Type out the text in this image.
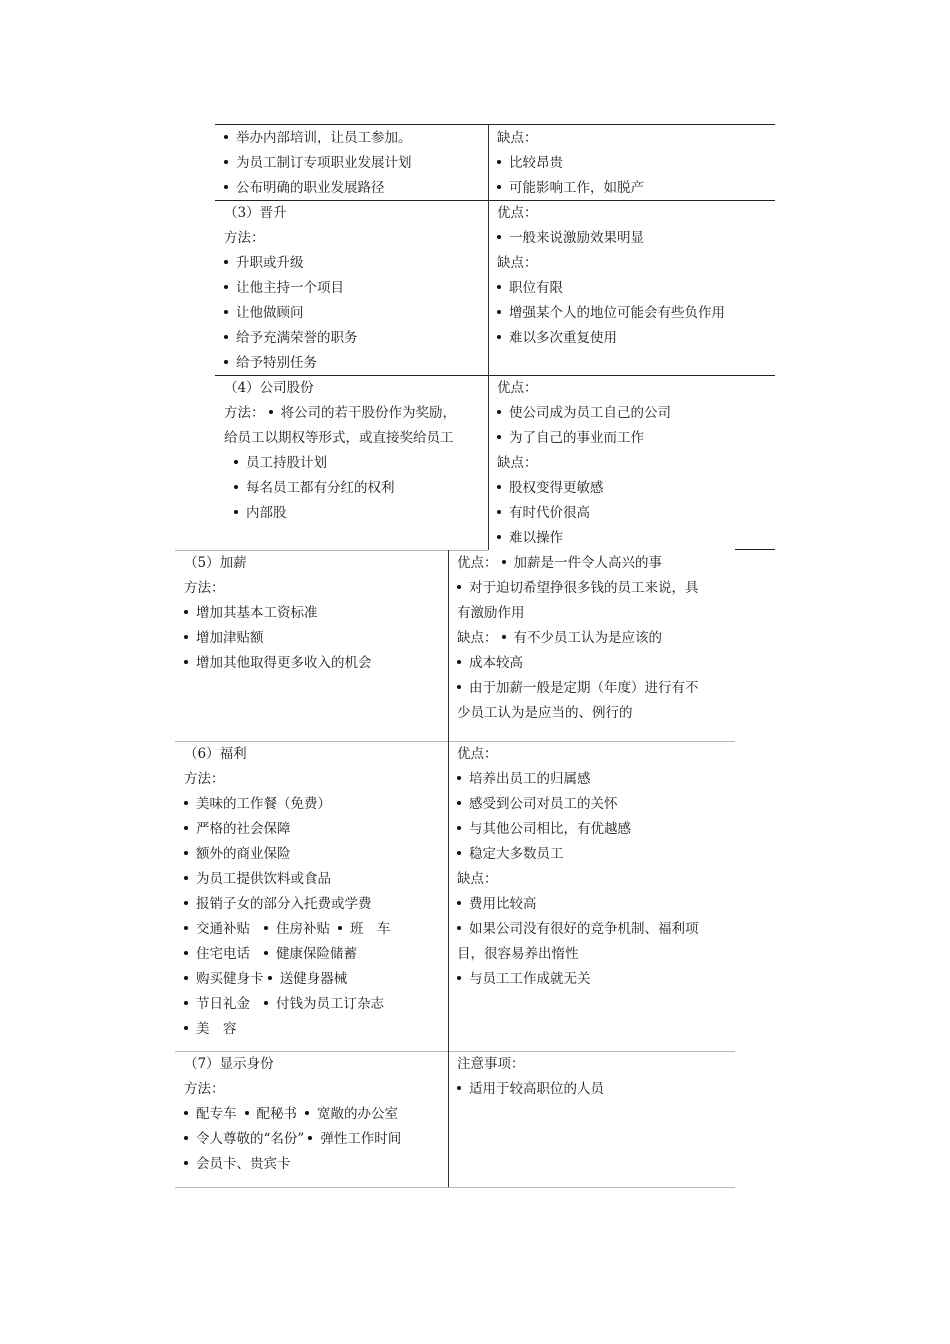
举办内部培训，让员工参加。
为员工制订专项职业发展计划
公布明确的职业发展路径
缺点：
比较昂贵
可能影响工作，如脱产
（3）晋升
方法：
升职或升级
让他主持一个项目
让他做顾问
给予充满荣誉的职务
给予特别任务
优点：
一般来说激励效果明显
缺点：
职位有限
增强某个人的地位可能会有些负作用
难以多次重复使用
（4）公司股份
方法： 将公司的若干股份作为奖励，
给员工以期权等形式，或直接奖给员工
员工持股计划
每名员工都有分红的权利
内部股
优点：
使公司成为员工自己的公司
为了自己的事业而工作
缺点：
股权变得更敏感
有时代价很高
难以操作
（5）加薪
方法：
增加其基本工资标准
增加津贴额
增加其他取得更多收入的机会
优点： 加薪是一件令人高兴的事
对于迫切希望挣很多钱的员工来说，具
有激励作用
缺点： 有不少员工认为是应该的
成本较高
由于加薪一般是定期（年度）进行有不
少员工认为是应当的、例行的
（6）福利
方法：
美味的工作餐（免费）
严格的社会保障
额外的商业保险
为员工提供饮料或食品
报销子女的部分入托费或学费
交通补贴 住房补贴 班　车
住宅电话 健康保险储蓄
购买健身卡 送健身器械
节日礼金 付钱为员工订杂志
美　容
优点：
培养出员工的归属感
感受到公司对员工的关怀
与其他公司相比，有优越感
稳定大多数员工
缺点：
费用比较高
如果公司没有很好的竞争机制、福利项
目，很容易养出惰性
与员工工作成就无关
（7）显示身份
方法：
配专车 配秘书 宽敞的办公室
令人尊敬的“名份” 弹性工作时间
会员卡、贵宾卡
注意事项：
适用于较高职位的人员
